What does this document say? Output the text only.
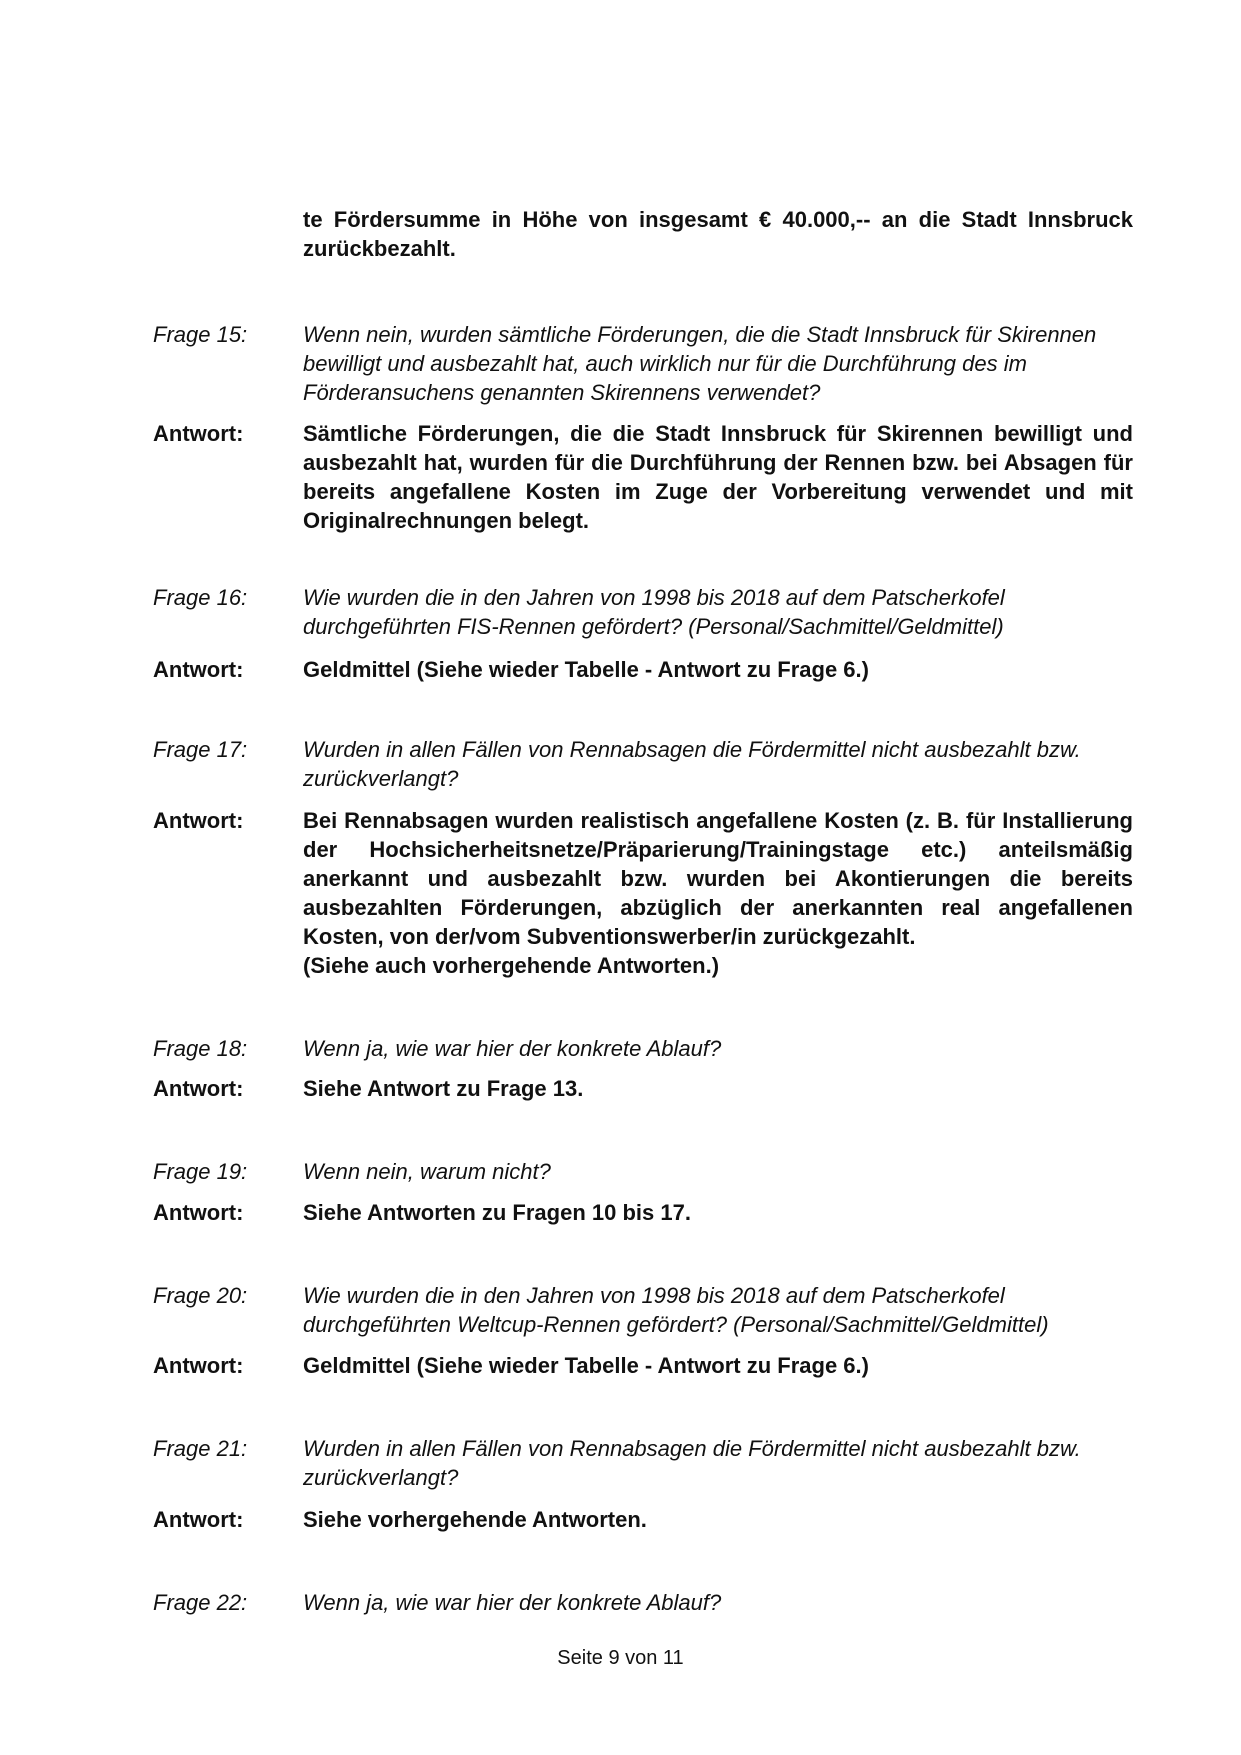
te Fördersumme in Höhe von insgesamt € 40.000,-- an die Stadt Innsbruck zurückbezahlt.
Frage 15:	Wenn nein, wurden sämtliche Förderungen, die die Stadt Innsbruck für Skirennen bewilligt und ausbezahlt hat, auch wirklich nur für die Durchführung des im Förderansuchens genannten Skirennens verwendet?
Antwort:	Sämtliche Förderungen, die die Stadt Innsbruck für Skirennen bewilligt und ausbezahlt hat, wurden für die Durchführung der Rennen bzw. bei Absagen für bereits angefallene Kosten im Zuge der Vorbereitung verwendet und mit Originalrechnungen belegt.
Frage 16:	Wie wurden die in den Jahren von 1998 bis 2018 auf dem Patscherkofel durchgeführten FIS-Rennen gefördert? (Personal/Sachmittel/Geldmittel)
Antwort:	Geldmittel (Siehe wieder Tabelle - Antwort zu Frage 6.)
Frage 17:	Wurden in allen Fällen von Rennabsagen die Fördermittel nicht ausbezahlt bzw. zurückverlangt?
Antwort:	Bei Rennabsagen wurden realistisch angefallene Kosten (z. B. für Installierung der Hochsicherheitsnetze/Präparierung/Trainingstage etc.) anteilsmäßig anerkannt und ausbezahlt bzw. wurden bei Akontierungen die bereits ausbezahlten Förderungen, abzüglich der anerkannten real angefallenen Kosten, von der/vom Subventionswerber/in zurückgezahlt.
(Siehe auch vorhergehende Antworten.)
Frage 18:	Wenn ja, wie war hier der konkrete Ablauf?
Antwort:	Siehe Antwort zu Frage 13.
Frage 19:	Wenn nein, warum nicht?
Antwort:	Siehe Antworten zu Fragen 10 bis 17.
Frage 20:	Wie wurden die in den Jahren von 1998 bis 2018 auf dem Patscherkofel durchgeführten Weltcup-Rennen gefördert? (Personal/Sachmittel/Geldmittel)
Antwort:	Geldmittel (Siehe wieder Tabelle - Antwort zu Frage 6.)
Frage 21:	Wurden in allen Fällen von Rennabsagen die Fördermittel nicht ausbezahlt bzw. zurückverlangt?
Antwort:	Siehe vorhergehende Antworten.
Frage 22:	Wenn ja, wie war hier der konkrete Ablauf?
Seite 9 von 11
